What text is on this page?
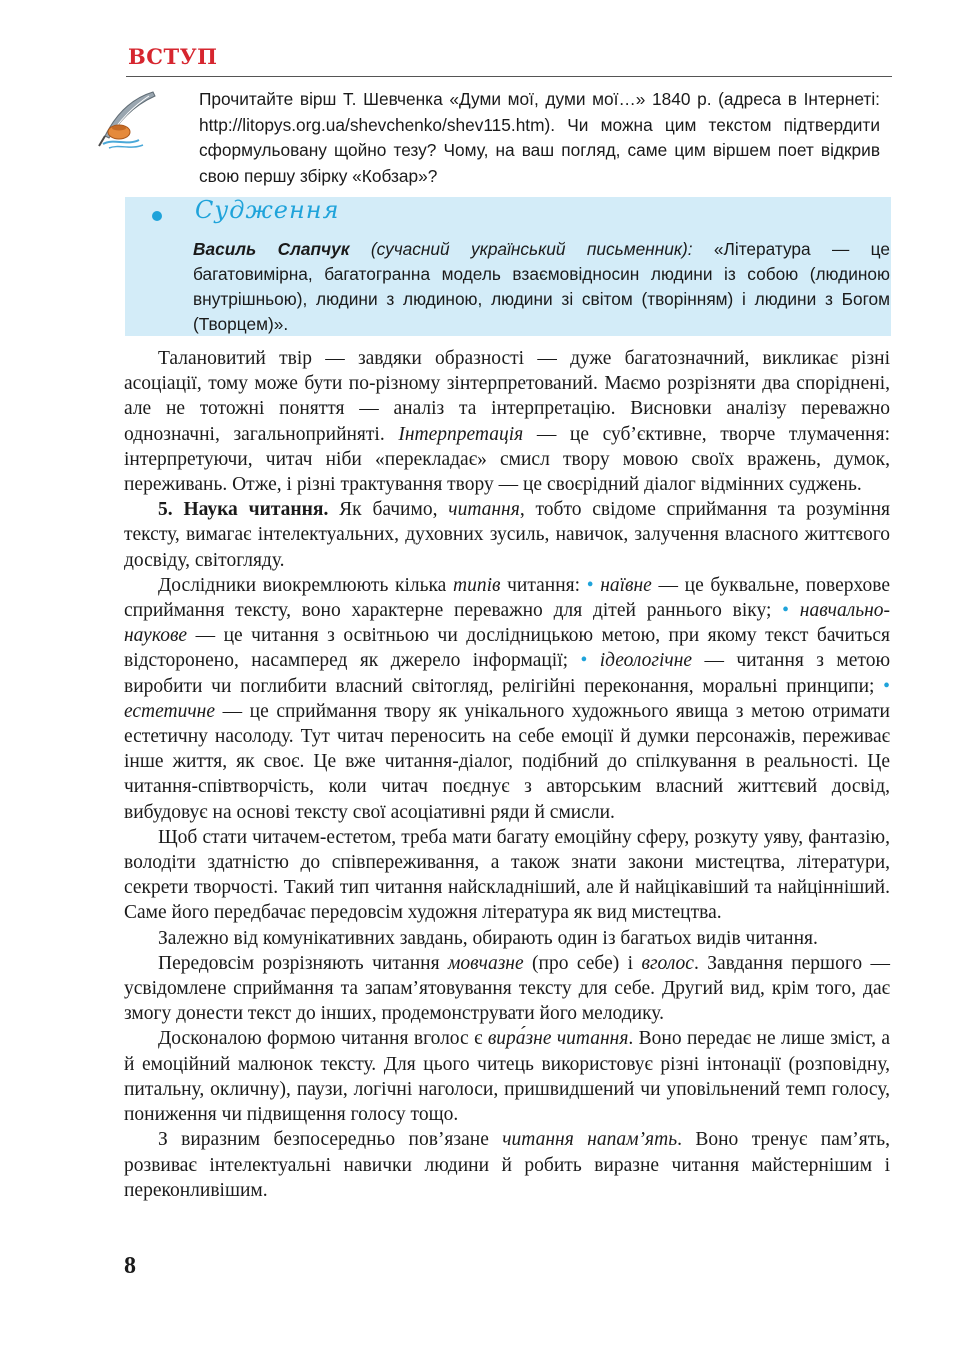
ВСТУП
Прочитайте вірш Т. Шевченка «Думи мої, думи мої…» 1840 р. (адреса в Інтернеті: http://litopys.org.ua/shevchenko/shev115.htm). Чи можна цим текстом підтвердити сформульовану щойно тезу? Чому, на ваш погляд, саме цим віршем поет відкрив свою першу збірку «Кобзар»?
Судження
Василь Слапчук (сучасний український письменник): «Література — це багатовимірна, багатогранна модель взаємовідносин людини із собою (людиною внутрішньою), людини з людиною, людини зі світом (творінням) і людини з Богом (Творцем)».

Талановитий твір — завдяки образності — дуже багатозначний, викликає різні асоціації, тому може бути по-різному зінтерпретований. Маємо розрізняти два споріднені, але не тотожні поняття — аналіз та інтерпретацію. Висновки аналізу переважно однозначні, загальноприйняті. Інтерпретація — це суб’єктивне, творче тлумачення: інтерпретуючи, читач ніби «перекладає» смисл твору мовою своїх вражень, думок, переживань. Отже, і різні трактування твору — це своєрідний діалог відмінних суджень.

5. Наука читання. Як бачимо, читання, тобто свідоме сприймання та розуміння тексту, вимагає інтелектуальних, духовних зусиль, навичок, залучення власного життєвого досвіду, світогляду.

Дослідники виокремлюють кілька типів читання: • наївне — це буквальне, поверхове сприймання тексту, воно характерне переважно для дітей раннього віку; • навчально-наукове — це читання з освітньою чи дослідницькою метою, при якому текст бачиться відсторонено, насамперед як джерело інформації; • ідеологічне — читання з метою виробити чи поглибити власний світогляд, релігійні переконання, моральні принципи; • естетичне — це сприймання твору як унікального художнього явища з метою отримати естетичну насолоду. Тут читач переносить на себе емоції й думки персонажів, переживає інше життя, як своє. Це вже читання-діалог, подібний до спілкування в реальності. Це читання-співтворчість, коли читач поєднує з авторським власний життєвий досвід, вибудовує на основі тексту свої асоціативні ряди й смисли.

Щоб стати читачем-естетом, треба мати багату емоційну сферу, розкуту уяву, фантазію, володіти здатністю до співпереживання, а також знати закони мистецтва, літератури, секрети творчості. Такий тип читання найскладніший, але й найцікавіший та найцінніший. Саме його передбачає передовсім художня література як вид мистецтва.

Залежно від комунікативних завдань, обирають один із багатьох видів читання.

Передовсім розрізняють читання мовчазне (про себе) і вголос. Завдання першого — усвідомлене сприймання та запам’ятовування тексту для себе. Другий вид, крім того, дає змогу донести текст до інших, продемонструвати його мелодику.

Досконалою формою читання вголос є вира́зне читання. Воно передає не лише зміст, а й емоційний малюнок тексту. Для цього читець використовує різні інтонації (розповідну, питальну, окличну), паузи, логічні наголоси, пришвидшений чи уповільнений темп голосу, пониження чи підвищення голосу тощо.

З виразним безпосередньо пов’язане читання напам’ять. Воно тренує пам’ять, розвиває інтелектуальні навички людини й робить виразне читання майстернішим і переконливішим.

8
